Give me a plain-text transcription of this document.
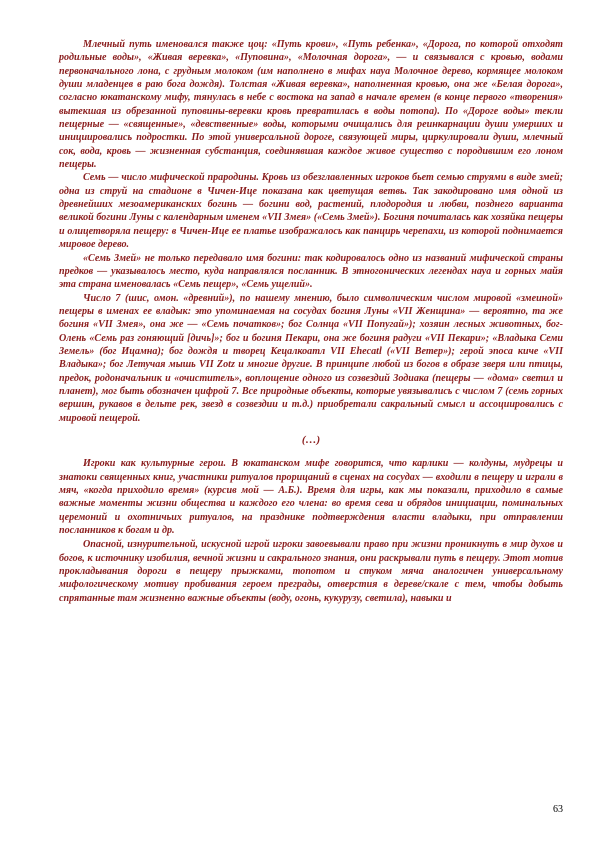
Млечный путь именовался также цоц: «Путь крови», «Путь ребенка», «Дорога, по которой отходят родильные воды», «Живая веревка», «Пуповина», «Молочная дорога», — и связывался с кровью, водами первоначального лона, с грудным молоком (им наполнено в мифах науа Молочное дерево, кормящее молоком души младенцев в раю бога дождя). Толстая «Живая веревка», наполненная кровью, она же «Белая дорога», согласно юкатанскому мифу, тянулась в небе с востока на запад в начале времен (в конце первого «творения» вытекшая из обрезанной пуповины-веревки кровь превратилась в воды потопа). По «Дороге воды» текли пещерные — «священные», «девственные» воды, которыми очищались для реинкарнации души умерших и инициировались подростки. По этой универсальной дороге, связующей миры, циркулировали души, млечный сок, вода, кровь — жизненная субстанция, соединявшая каждое живое существо с породившим его лоном пещеры.

Семь — число мифической прародины. Кровь из обезглавленных игроков бьет семью струями в виде змей; одна из струй на стадионе в Чичен-Ице показана как цветущая ветвь. Так закодировано имя одной из древнейших мезоамериканских богинь — богини вод, растений, плодородия и любви, позднего варианта великой богини Луны с календарным именем «VII Змея» («Семь Змей»). Богиня почиталась как хозяйка пещеры и олицетворяла пещеру: в Чичен-Ице ее платье изображалось как панцирь черепахи, из которой поднимается мировое дерево.

«Семь Змей» не только передавало имя богини: так кодировалось одно из названий мифической страны предков — указывалось место, куда направлялся посланник. В этногонических легендах науа и горных майя эта страна именовалась «Семь пещер», «Семь ущелий».

Число 7 (шис, омон. «древний»), по нашему мнению, было символическим числом мировой «змеиной» пещеры в именах ее владык: это упоминаемая на сосудах богиня Луны «VII Женщина» — вероятно, та же богиня «VII Змея», она же — «Семь початков»; бог Солнца «VII Попугай»); хозяин лесных животных, бог-Олень «Семь раз гоняющий [дичь]»; бог и богиня Пекари, она же богиня радуги «VII Пекари»; «Владыка Семи Земель» (бог Ицамна); бог дождя и творец Кецалкоатл VII Ehecatl («VII Ветер»); герой эпоса киче «VII Владыка»; бог Летучая мышь VII Zotz и многие другие. В принципе любой из богов в образе зверя или птицы, предок, родоначальник и «очиститель», воплощение одного из созвездий Зодиака (пещеры — «дома» светил и планет), мог быть обозначен цифрой 7. Все природные объекты, которые увязывались с числом 7 (семь горных вершин, рукавов в дельте рек, звезд в созвездии и т.д.) приобретали сакральный смысл и ассоциировались с мировой пещерой.

(…)

Игроки как культурные герои. В юкатанском мифе говорится, что карлики — колдуны, мудрецы и знатоки священных книг, участники ритуалов прорицаний в сценах на сосудах — входили в пещеру и играли в мяч, «когда приходило время» (курсив мой — А.Б.). Время для игры, как мы показали, приходило в самые важные моменты жизни общества и каждого его члена: во время сева и обрядов инициации, поминальных церемоний и охотничьих ритуалов, на празднике подтверждения власти владыки, при отправлении посланников к богам и др.

Опасной, изнурительной, искусной игрой игроки завоевывали право при жизни проникнуть в мир духов и богов, к источнику изобилия, вечной жизни и сакрального знания, они раскрывали путь в пещеру. Этот мотив прокладывания дороги в пещеру прыжками, топотом и стуком мяча аналогичен универсальному мифологическому мотиву пробивания героем преграды, отверстия в дереве/скале с тем, чтобы добыть спрятанные там жизненно важные объекты (воду, огонь, кукурузу, светила), навыки и

63
